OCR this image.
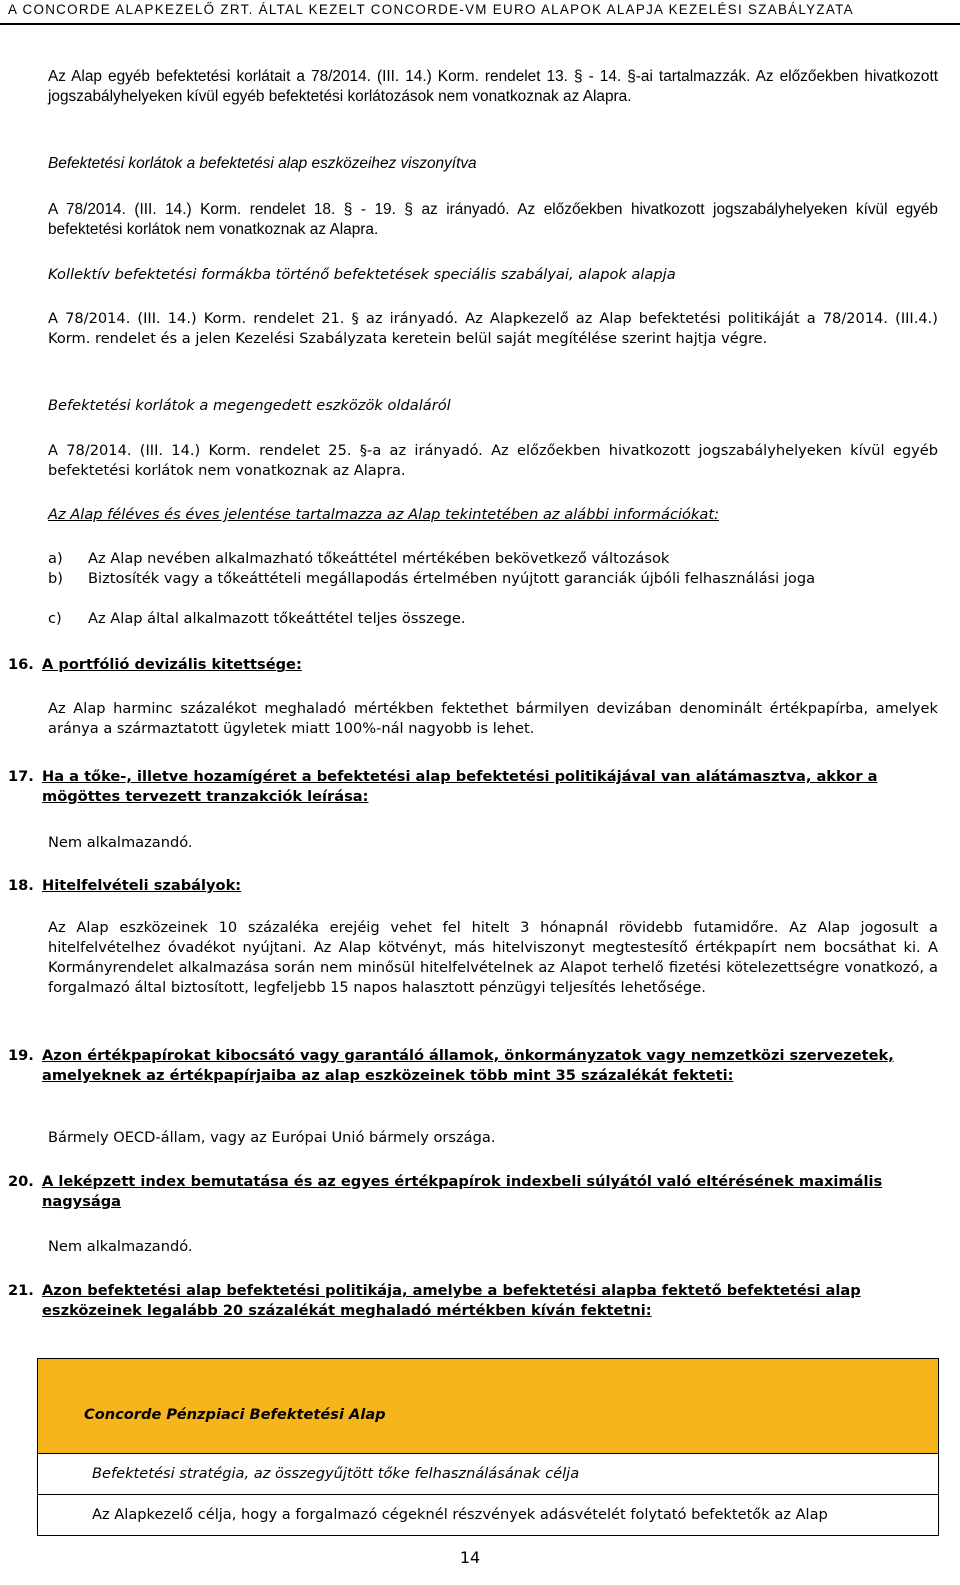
A CONCORDE ALAPKEZELŐ ZRT. ÁLTAL KEZELT CONCORDE-VM EURO ALAPOK ALAPJA KEZELÉSI SZABÁLYZATA
Az Alap egyéb befektetési korlátait a 78/2014. (III. 14.) Korm. rendelet 13. § - 14. §-ai tartalmazzák. Az előzőekben hivatkozott jogszabályhelyeken kívül egyéb befektetési korlátozások nem vonatkoznak az Alapra.
Befektetési korlátok a befektetési alap eszközeihez viszonyítva
A 78/2014. (III. 14.) Korm. rendelet 18. § - 19. § az irányadó. Az előzőekben hivatkozott jogszabályhelyeken kívül egyéb befektetési korlátok nem vonatkoznak az Alapra.
Kollektív befektetési formákba történő befektetések speciális szabályai, alapok alapja
A 78/2014. (III. 14.) Korm. rendelet 21. § az irányadó. Az Alapkezelő az Alap befektetési politikáját a 78/2014. (III.4.) Korm. rendelet és a jelen Kezelési Szabályzata keretein belül saját megítélése szerint hajtja végre.
Befektetési korlátok a megengedett eszközök oldaláról
A 78/2014. (III. 14.) Korm. rendelet 25. §-a az irányadó. Az előzőekben hivatkozott jogszabályhelyeken kívül egyéb befektetési korlátok nem vonatkoznak az Alapra.
Az Alap féléves és éves jelentése tartalmazza az Alap tekintetében az alábbi információkat:
a) Az Alap nevében alkalmazható tőkeáttétel mértékében bekövetkező változások
b) Biztosíték vagy a tőkeáttételi megállapodás értelmében nyújtott garanciák újbóli felhasználási joga
c) Az Alap által alkalmazott tőkeáttétel teljes összege.
16. A portfólió devizális kitettsége:
Az Alap harminc százalékot meghaladó mértékben fektethet bármilyen devizában denominált értékpapírba, amelyek aránya a származtatott ügyletek miatt 100%-nál nagyobb is lehet.
17. Ha a tőke-, illetve hozamígéret a befektetési alap befektetési politikájával van alátámasztva, akkor a mögöttes tervezett tranzakciók leírása:
Nem alkalmazandó.
18. Hitelfelvételi szabályok:
Az Alap eszközeinek 10 százaléka erejéig vehet fel hitelt 3 hónapnál rövidebb futamidőre. Az Alap jogosult a hitelfelvételhez óvadékot nyújtani. Az Alap kötvényt, más hitelviszonyt megtestesítő értékpapírt nem bocsáthat ki. A Kormányrendelet alkalmazása során nem minősül hitelfelvételnek az Alapot terhelő fizetési kötelezettségre vonatkozó, a forgalmazó által biztosított, legfeljebb 15 napos halasztott pénzügyi teljesítés lehetősége.
19. Azon értékpapírokat kibocsátó vagy garantáló államok, önkormányzatok vagy nemzetközi szervezetek, amelyeknek az értékpapírjaiba az alap eszközeinek több mint 35 százalékát fekteti:
Bármely OECD-állam, vagy az Európai Unió bármely országa.
20. A leképzett index bemutatása és az egyes értékpapírok indexbeli súlyától való eltérésének maximális nagysága
Nem alkalmazandó.
21. Azon befektetési alap befektetési politikája, amelybe a befektetési alapba fektető befektetési alap eszközeinek legalább 20 százalékát meghaladó mértékben kíván fektetni:
Concorde Pénzpiaci Befektetési Alap
Befektetési stratégia, az összegyűjtött tőke felhasználásának célja
Az Alapkezelő célja, hogy a forgalmazó cégeknél részvények adásvételét folytató befektetők az Alap
14
